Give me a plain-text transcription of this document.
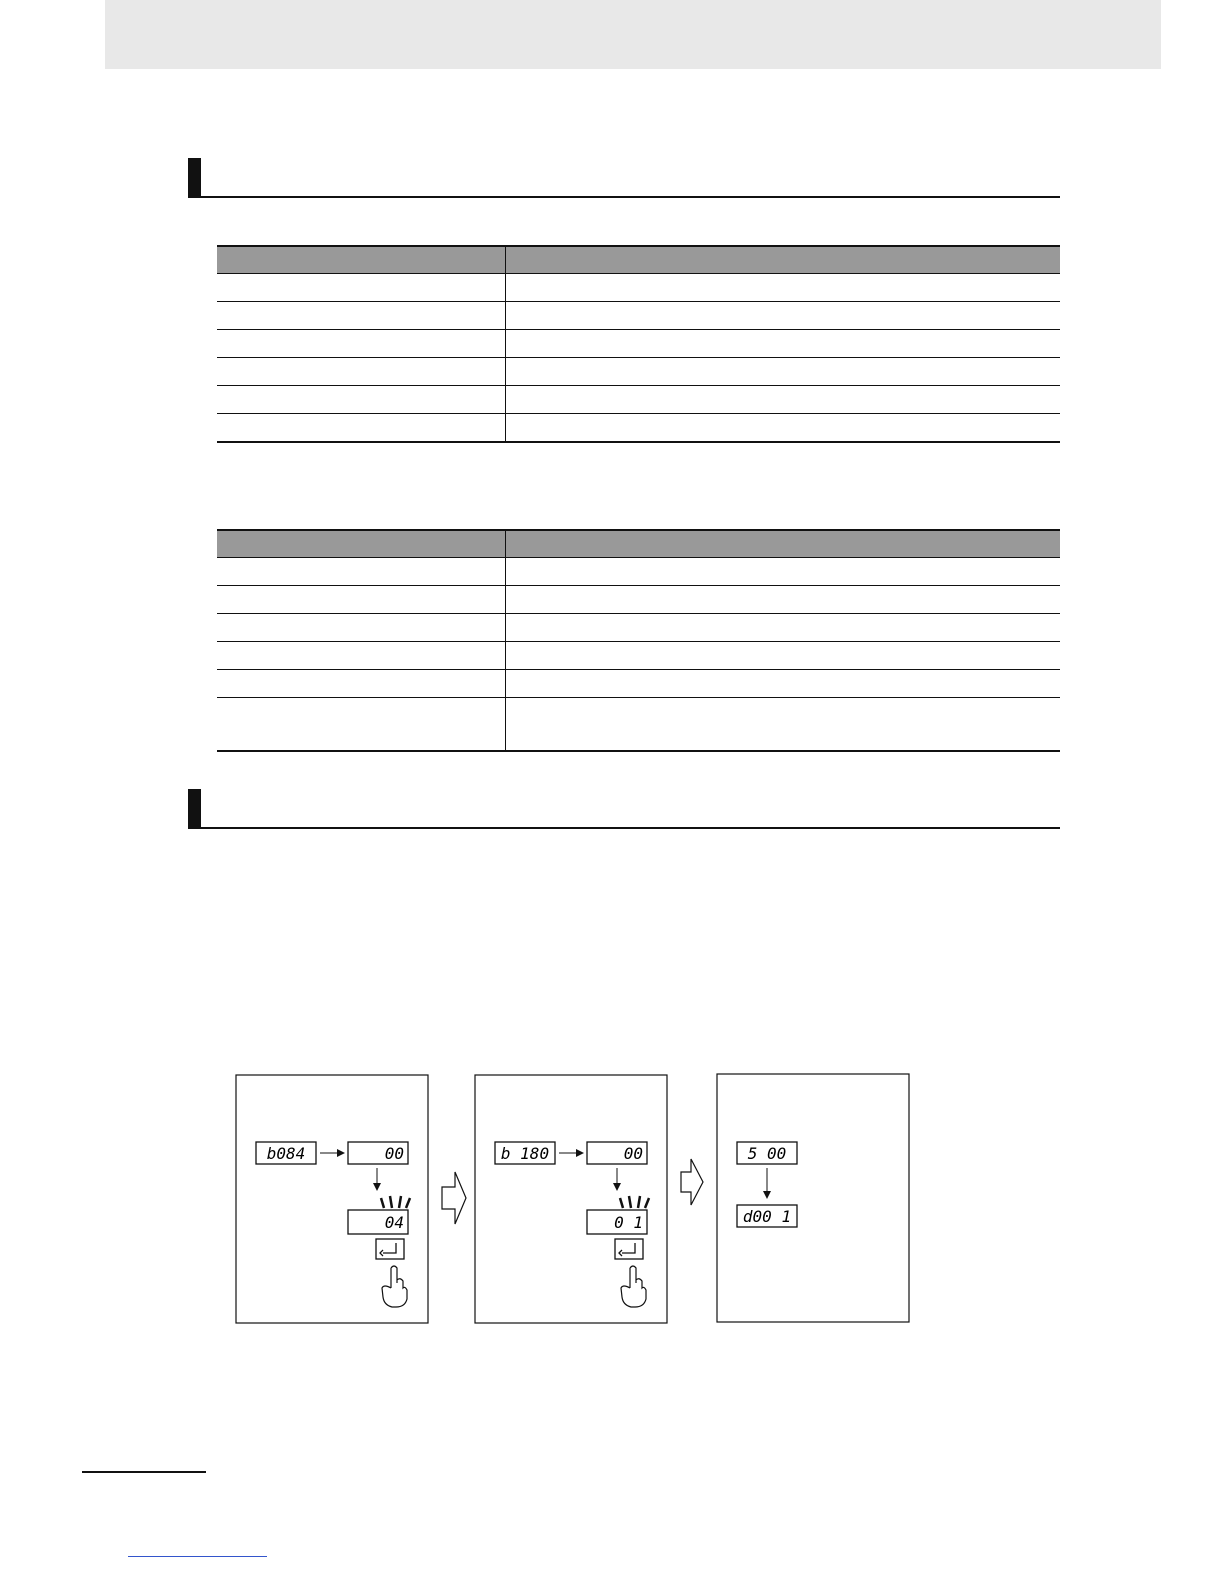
b084	00
04
b 180	00
0 1
5 00
d00 1
